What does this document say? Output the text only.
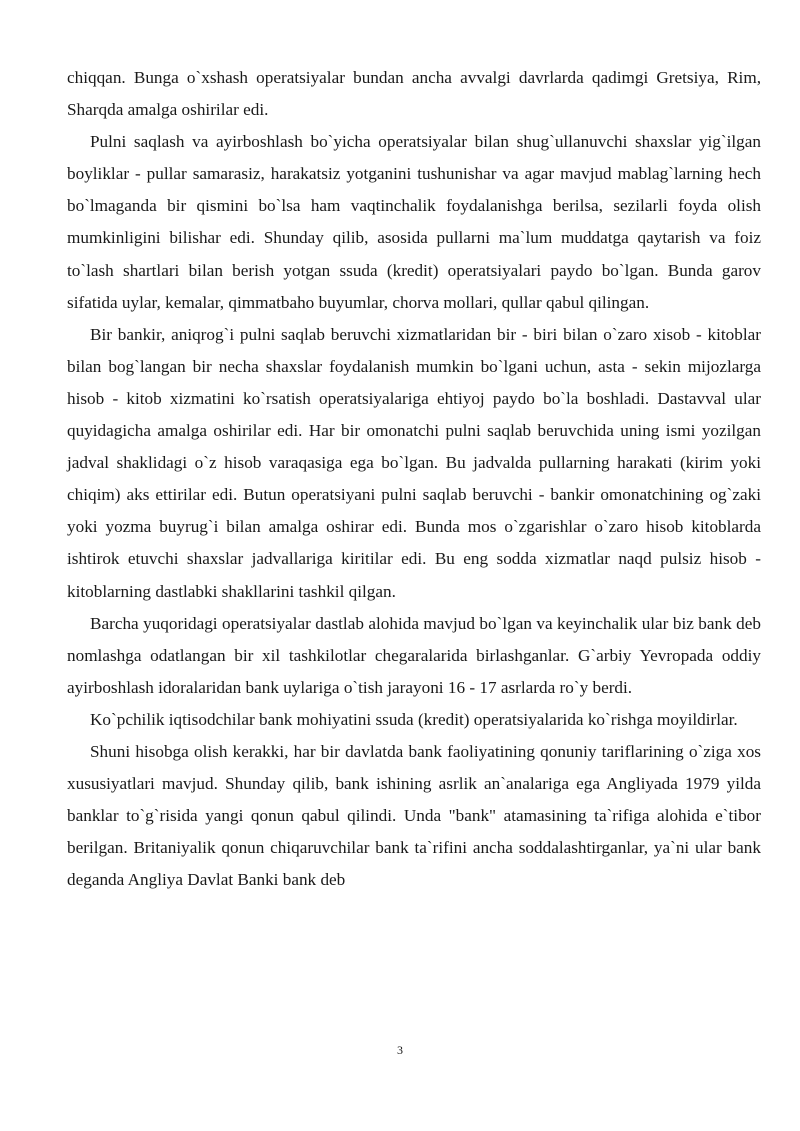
chiqqan. Bunga o`xshash operatsiyalar bundan ancha avvalgi davrlarda qadimgi Gretsiya, Rim, Sharqda amalga oshirilar edi.

Pulni saqlash va ayirboshlash bo`yicha operatsiyalar bilan shug`ullanuvchi shaxslar yig`ilgan boyliklar - pullar samarasiz, harakatsiz yotganini tushunishar va agar mavjud mablag`larning hech bo`lmaganda bir qismini bo`lsa ham vaqtinchalik foydalanishga berilsa, sezilarli foyda olish mumkinligini bilishar edi. Shunday qilib, asosida pullarni ma`lum muddatga qaytarish va foiz to`lash shartlari bilan berish yotgan ssuda (kredit) operatsiyalari paydo bo`lgan. Bunda garov sifatida uylar, kemalar, qimmatbaho buyumlar, chorva mollari, qullar qabul qilingan.

Bir bankir, aniqrog`i pulni saqlab beruvchi xizmatlaridan bir - biri bilan o`zaro xisob - kitoblar bilan bog`langan bir necha shaxslar foydalanish mumkin bo`lgani uchun, asta - sekin mijozlarga hisob - kitob xizmatini ko`rsatish operatsiyalariga ehtiyoj paydo bo`la boshladi. Dastavval ular quyidagicha amalga oshirilar edi. Har bir omonatchi pulni saqlab beruvchida uning ismi yozilgan jadval shaklidagi o`z hisob varaqasiga ega bo`lgan. Bu jadvalda pullarning harakati (kirim yoki chiqim) aks ettirilar edi. Butun operatsiyani pulni saqlab beruvchi - bankir omonatchining og`zaki yoki yozma buyrug`i bilan amalga oshirar edi. Bunda mos o`zgarishlar o`zaro hisob kitoblarda ishtirok etuvchi shaxslar jadvallariga kiritilar edi. Bu eng sodda xizmatlar naqd pulsiz hisob - kitoblarning dastlabki shakllarini tashkil qilgan.

Barcha yuqoridagi operatsiyalar dastlab alohida mavjud bo`lgan va keyinchalik ular biz bank deb nomlashga odatlangan bir xil tashkilotlar chegaralarida birlashganlar. G`arbiy Yevropada oddiy ayirboshlash idoralaridan bank uylariga o`tish jarayoni 16 - 17 asrlarda ro`y berdi.

Ko`pchilik iqtisodchilar bank mohiyatini ssuda (kredit) operatsiyalarida ko`rishga moyildirlar.

Shuni hisobga olish kerakki, har bir davlatda bank faoliyatining qonuniy tariflarining o`ziga xos xususiyatlari mavjud. Shunday qilib, bank ishining asrlik an`analariga ega Angliyada 1979 yilda banklar to`g`risida yangi qonun qabul qilindi. Unda "bank" atamasining ta`rifiga alohida e`tibor berilgan. Britaniyalik qonun chiqaruvchilar bank ta`rifini ancha soddalashtirganlar, ya`ni ular bank deganda Angliya Davlat Banki bank deb

3
